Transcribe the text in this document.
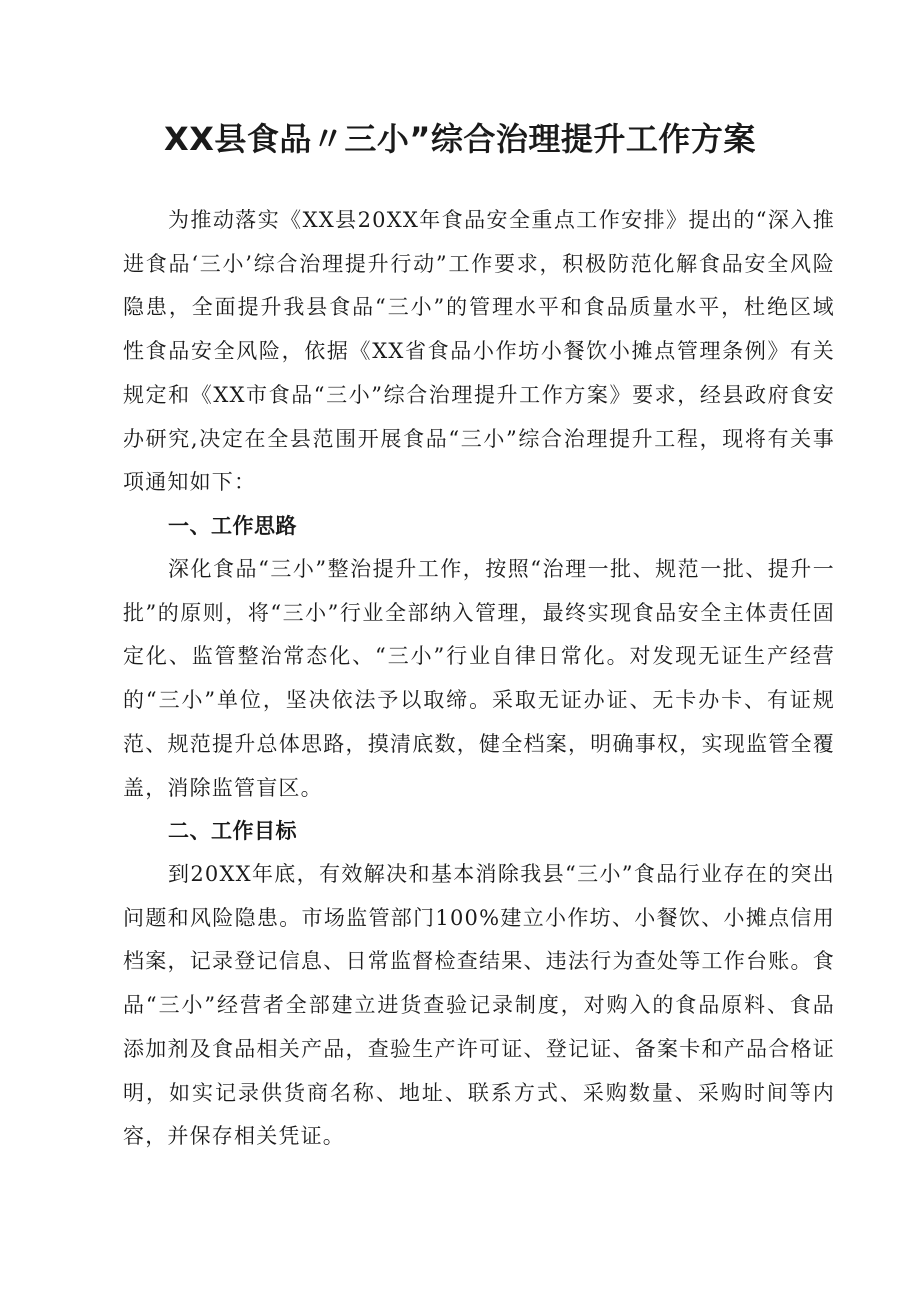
XX县食品〃三小”综合治理提升工作方案

为推动落实《XX县20XX年食品安全重点工作安排》提出的“深入推进食品‘三小’综合治理提升行动”工作要求，积极防范化解食品安全风险隐患，全面提升我县食品“三小”的管理水平和食品质量水平，杜绝区域性食品安全风险，依据《XX省食品小作坊小餐饮小摊点管理条例》有关规定和《XX市食品“三小”综合治理提升工作方案》要求，经县政府食安办研究,决定在全县范围开展食品“三小”综合治理提升工程，现将有关事项通知如下：

一、工作思路

深化食品“三小”整治提升工作，按照“治理一批、规范一批、提升一批”的原则，将“三小”行业全部纳入管理，最终实现食品安全主体责任固定化、监管整治常态化、“三小”行业自律日常化。对发现无证生产经营的“三小”单位，坚决依法予以取缔。采取无证办证、无卡办卡、有证规范、规范提升总体思路，摸清底数，健全档案，明确事权，实现监管全覆盖，消除监管盲区。

二、工作目标

到20XX年底，有效解决和基本消除我县“三小”食品行业存在的突出问题和风险隐患。市场监管部门100%建立小作坊、小餐饮、小摊点信用档案，记录登记信息、日常监督检查结果、违法行为查处等工作台账。食品“三小”经营者全部建立进货查验记录制度，对购入的食品原料、食品添加剂及食品相关产品，查验生产许可证、登记证、备案卡和产品合格证明，如实记录供货商名称、地址、联系方式、采购数量、采购时间等内容，并保存相关凭证。
